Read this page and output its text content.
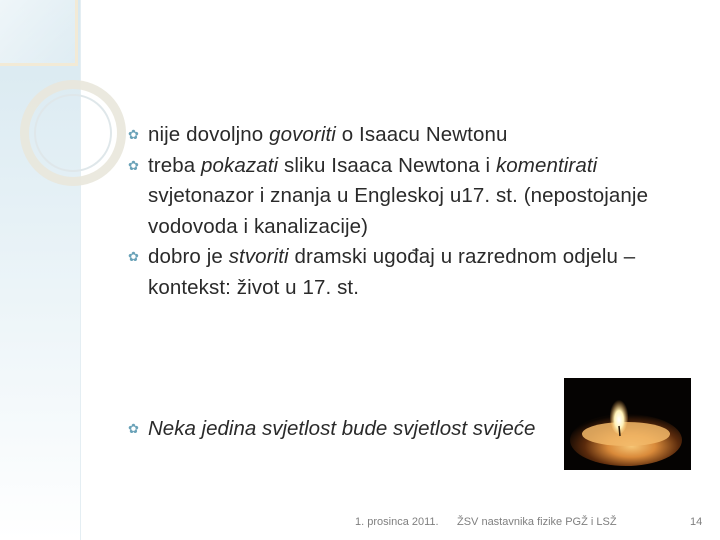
✿ nije dovoljno govoriti o Isaacu Newtonu

✿ treba pokazati sliku Isaaca Newtona i komentirati svjetonazor i znanja u Engleskoj u17. st. (nepostojanje vodovoda i kanalizacije)

✿ dobro je stvoriti dramski ugođaj u razrednom odjelu – kontekst: život u 17. st.

✿ Neka jedina svjetlost bude svjetlost svijeće
1. prosinca 2011. ŽSV nastavnika fizike PGŽ i LSŽ	14
